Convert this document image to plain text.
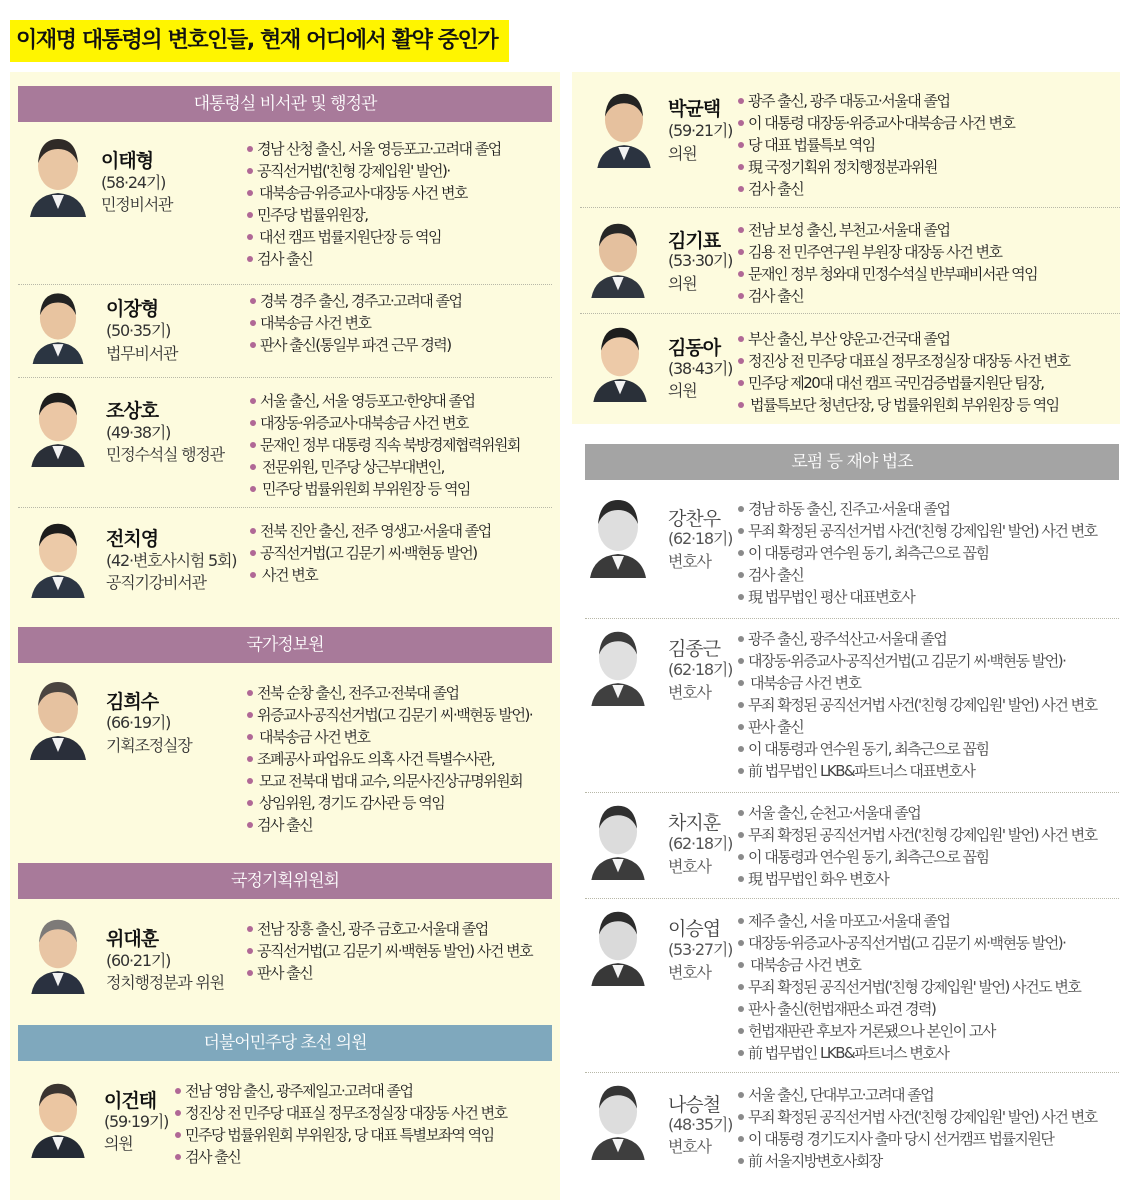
이재명 대통령의 변호인들, 현재 어디에서 활약 중인가
대통령실 비서관 및 행정관
국가정보원
국정기획위원회
더불어민주당 초선 의원
로펌 등 재야 법조
이태형
(58·24기)
민정비서관
경남 산청 출신, 서울 영등포고·고려대 졸업
공직선거법('친형 강제입원' 발언)·
대북송금·위증교사·대장동 사건 변호
민주당 법률위원장,
대선 캠프 법률지원단장 등 역임
검사 출신
이장형
(50·35기)
법무비서관
경북 경주 출신, 경주고·고려대 졸업
대북송금 사건 변호
판사 출신(통일부 파견 근무 경력)
조상호
(49·38기)
민정수석실 행정관
서울 출신, 서울 영등포고·한양대 졸업
대장동·위증교사·대북송금 사건 변호
문재인 정부 대통령 직속 북방경제협력위원회
전문위원, 민주당 상근부대변인,
민주당 법률위원회 부위원장 등 역임
전치영
(42·변호사시험 5회)
공직기강비서관
전북 진안 출신, 전주 영생고·서울대 졸업
공직선거법(고 김문기 씨·백현동 발언)
사건 변호
김희수
(66·19기)
기획조정실장
전북 순창 출신, 전주고·전북대 졸업
위증교사·공직선거법(고 김문기 씨·백현동 발언)·
대북송금 사건 변호
조폐공사 파업유도 의혹 사건 특별수사관,
모교 전북대 법대 교수, 의문사진상규명위원회
상임위원, 경기도 감사관 등 역임
검사 출신
위대훈
(60·21기)
정치행정분과 위원
전남 장흥 출신, 광주 금호고·서울대 졸업
공직선거법(고 김문기 씨·백현동 발언) 사건 변호
판사 출신
이건태
(59·19기)
의원
전남 영암 출신, 광주제일고·고려대 졸업
정진상 전 민주당 대표실 정무조정실장 대장동 사건 변호
민주당 법률위원회 부위원장, 당 대표 특별보좌역 역임
검사 출신
박균택
(59·21기)
의원
광주 출신, 광주 대동고·서울대 졸업
이 대통령 대장동·위증교사·대북송금 사건 변호
당 대표 법률특보 역임
現 국정기획위 정치행정분과위원
검사 출신
김기표
(53·30기)
의원
전남 보성 출신, 부천고·서울대 졸업
김용 전 민주연구원 부원장 대장동 사건 변호
문재인 정부 청와대 민정수석실 반부패비서관 역임
검사 출신
김동아
(38·43기)
의원
부산 출신, 부산 양운고·건국대 졸업
정진상 전 민주당 대표실 정무조정실장 대장동 사건 변호
민주당 제20대 대선 캠프 국민검증법률지원단 팀장,
법률특보단 청년단장, 당 법률위원회 부위원장 등 역임
강찬우
(62·18기)
변호사
경남 하동 출신, 진주고·서울대 졸업
무죄 확정된 공직선거법 사건('친형 강제입원' 발언) 사건 변호
이 대통령과 연수원 동기, 최측근으로 꼽힘
검사 출신
現 법무법인 평산 대표변호사
김종근
(62·18기)
변호사
광주 출신, 광주석산고·서울대 졸업
대장동·위증교사·공직선거법(고 김문기 씨·백현동 발언)·
대북송금 사건 변호
무죄 확정된 공직선거법 사건('친형 강제입원' 발언) 사건 변호
판사 출신
이 대통령과 연수원 동기, 최측근으로 꼽힘
前 법무법인 LKB&파트너스 대표변호사
차지훈
(62·18기)
변호사
서울 출신, 순천고·서울대 졸업
무죄 확정된 공직선거법 사건('친형 강제입원' 발언) 사건 변호
이 대통령과 연수원 동기, 최측근으로 꼽힘
現 법무법인 화우 변호사
이승엽
(53·27기)
변호사
제주 출신, 서울 마포고·서울대 졸업
대장동·위증교사·공직선거법(고 김문기 씨·백현동 발언)·
대북송금 사건 변호
무죄 확정된 공직선거법('친형 강제입원' 발언) 사건도 변호
판사 출신(헌법재판소 파견 경력)
헌법재판관 후보자 거론됐으나 본인이 고사
前 법무법인 LKB&파트너스 변호사
나승철
(48·35기)
변호사
서울 출신, 단대부고·고려대 졸업
무죄 확정된 공직선거법 사건('친형 강제입원' 발언) 사건 변호
이 대통령 경기도지사 출마 당시 선거캠프 법률지원단
前 서울지방변호사회장
